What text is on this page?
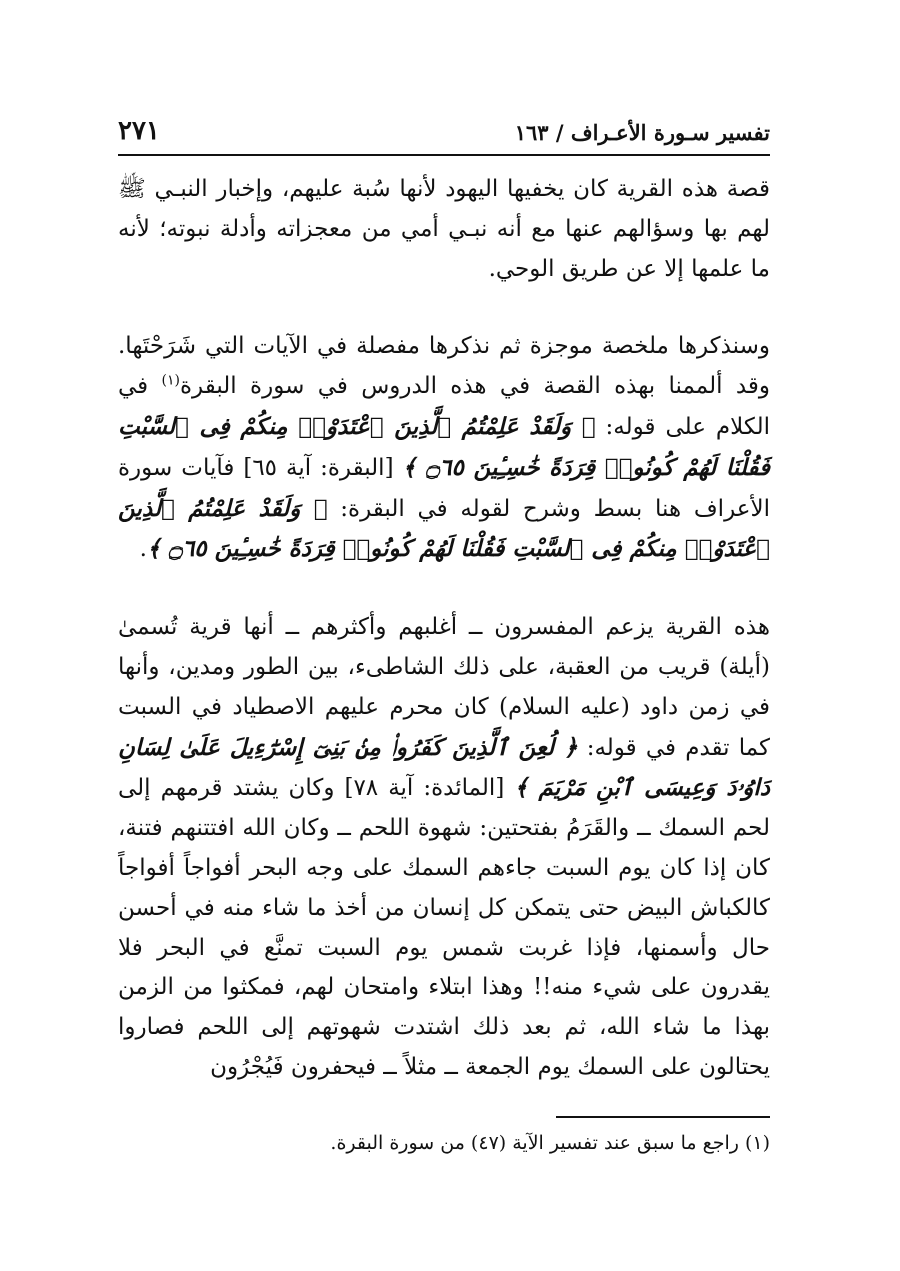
تفسير سـورة الأعـراف / ١٦٣
٢٧١

قصة هذه القرية كان يخفيها اليهود لأنها سُبة عليهم، وإخبار النبـي ﷺ لهم بها وسؤالهم عنها مع أنه نبـي أمي من معجزاته وأدلة نبوته؛ لأنه ما علمها إلا عن طريق الوحي.

وسنذكرها ملخصة موجزة ثم نذكرها مفصلة في الآيات التي شَرَحْتَها. وقد ألممنا بهذه القصة في هذه الدروس في سورة البقرة$^{(١)}$ في الكلام على قوله: ﴿ وَلَقَدْ عَلِمْتُمُ ٱلَّذِينَ ٱعْتَدَوْا۟ مِنكُمْ فِى ٱلسَّبْتِ فَقُلْنَا لَهُمْ كُونُوا۟ قِرَدَةً خَٰسِـِٔينَ ۝٦٥ ﴾ [البقرة: آية ٦٥] فآيات سورة الأعراف هنا بسط وشرح لقوله في البقرة: ﴿ وَلَقَدْ عَلِمْتُمُ ٱلَّذِينَ ٱعْتَدَوْا۟ مِنكُمْ فِى ٱلسَّبْتِ فَقُلْنَا لَهُمْ كُونُوا۟ قِرَدَةً خَٰسِـِٔينَ ۝٦٥ ﴾.

هذه القرية يزعم المفسرون ــ أغلبهم وأكثرهم ــ أنها قرية تُسمىٰ (أيلة) قريب من العقبة، على ذلك الشاطىء، بين الطور ومدين، وأنها في زمن داود (عليه السلام) كان محرم عليهم الاصطياد في السبت كما تقدم في قوله: ﴿ لُعِنَ ٱلَّذِينَ كَفَرُوا۟ مِنۢ بَنِىٓ إِسْرَٰٓءِيلَ عَلَىٰ لِسَانِ دَاوُۥدَ وَعِيسَى ٱبْنِ مَرْيَمَ ﴾ [المائدة: آية ٧٨] وكان يشتد قرمهم إلى لحم السمك ــ والقَرَمُ بفتحتين: شهوة اللحم ــ وكان الله افتتنهم فتنة، كان إذا كان يوم السبت جاءهم السمك على وجه البحر أفواجاً أفواجاً كالكباش البيض حتى يتمكن كل إنسان من أخذ ما شاء منه في أحسن حال وأسمنها، فإذا غربت شمس يوم السبت تمنَّع في البحر فلا يقدرون على شيء منه!! وهذا ابتلاء وامتحان لهم، فمكثوا من الزمن بهذا ما شاء الله، ثم بعد ذلك اشتدت شهوتهم إلى اللحم فصاروا يحتالون على السمك يوم الجمعة ــ مثلاً ــ فيحفرون فَيُجْرُون

(١) راجع ما سبق عند تفسير الآية (٤٧) من سورة البقرة.
